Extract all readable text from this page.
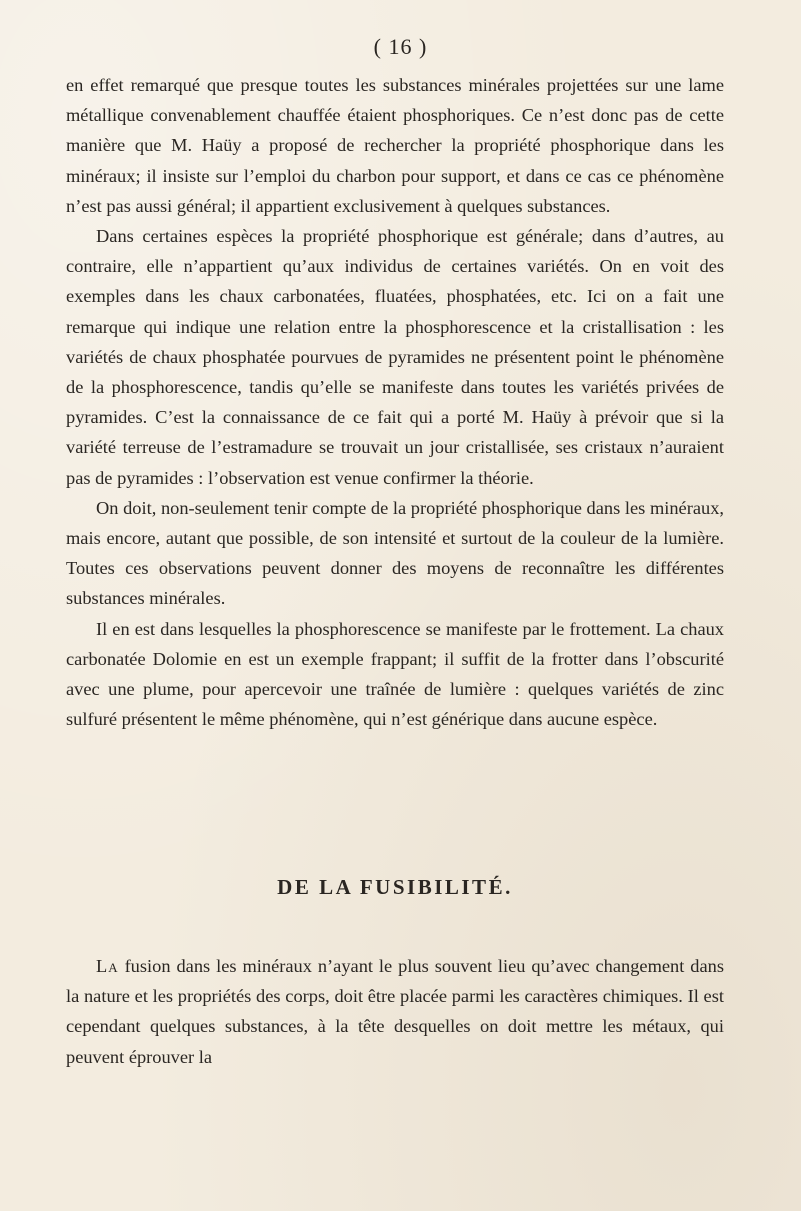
( 16 )

en effet remarqué que presque toutes les substances minérales projettées sur une lame métallique convenablement chauffée étaient phosphoriques. Ce n’est donc pas de cette manière que M. Haüy a proposé de rechercher la propriété phosphorique dans les minéraux; il insiste sur l’emploi du charbon pour support, et dans ce cas ce phénomène n’est pas aussi général; il appartient exclusivement à quelques substances.

Dans certaines espèces la propriété phosphorique est générale; dans d’autres, au contraire, elle n’appartient qu’aux individus de certaines variétés. On en voit des exemples dans les chaux carbonatées, fluatées, phosphatées, etc. Ici on a fait une remarque qui indique une relation entre la phosphorescence et la cristallisation : les variétés de chaux phosphatée pourvues de pyramides ne présentent point le phénomène de la phosphorescence, tandis qu’elle se manifeste dans toutes les variétés privées de pyramides. C’est la connaissance de ce fait qui a porté M. Haüy à prévoir que si la variété terreuse de l’estramadure se trouvait un jour cristallisée, ses cristaux n’auraient pas de pyramides : l’observation est venue confirmer la théorie.

On doit, non-seulement tenir compte de la propriété phosphorique dans les minéraux, mais encore, autant que possible, de son intensité et surtout de la couleur de la lumière. Toutes ces observations peuvent donner des moyens de reconnaître les différentes substances minérales.

Il en est dans lesquelles la phosphorescence se manifeste par le frottement. La chaux carbonatée Dolomie en est un exemple frappant; il suffit de la frotter dans l’obscurité avec une plume, pour apercevoir une traînée de lumière : quelques variétés de zinc sulfuré présentent le même phénomène, qui n’est générique dans aucune espèce.

DE LA FUSIBILITÉ.

La fusion dans les minéraux n’ayant le plus souvent lieu qu’avec changement dans la nature et les propriétés des corps, doit être placée parmi les caractères chimiques. Il est cependant quelques substances, à la tête desquelles on doit mettre les métaux, qui peuvent éprouver la
